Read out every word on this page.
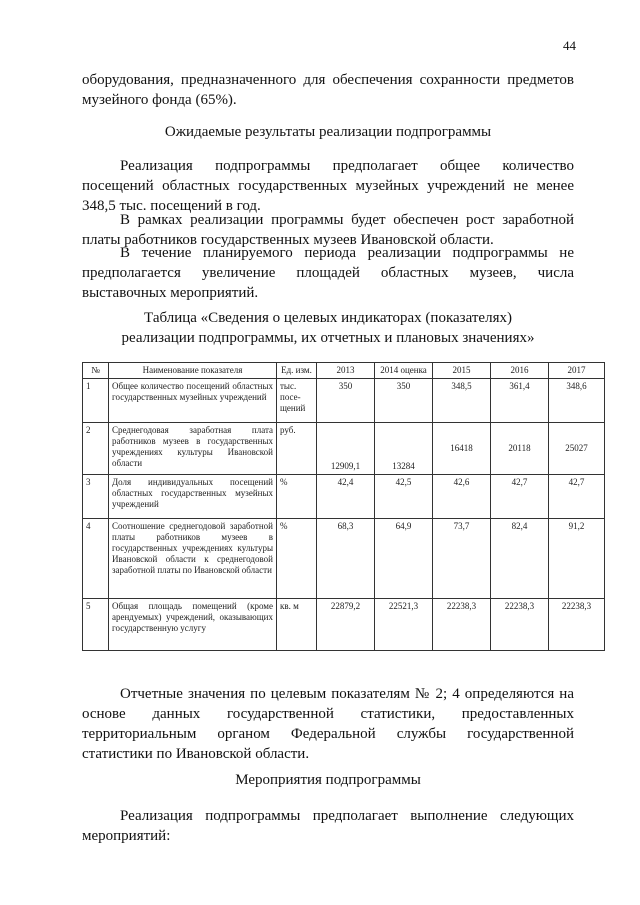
44
оборудования, предназначенного для обеспечения сохранности предметов музейного фонда (65%).
Ожидаемые результаты реализации подпрограммы
Реализация подпрограммы предполагает общее количество посещений областных государственных музейных учреждений не менее 348,5 тыс. посещений в год.
В рамках реализации программы будет обеспечен рост заработной платы работников государственных музеев Ивановской области.
В течение планируемого периода реализации подпрограммы не предполагается увеличение площадей областных музеев, числа выставочных мероприятий.
Таблица «Сведения о целевых индикаторах (показателях)
реализации подпрограммы, их отчетных и плановых значениях»
№	Наименование показателя	Ед. изм.	2013	2014 оценка	2015	2016	2017
1	Общее количество посещений областных государственных музейных учреждений	тыс. посе-щений	350	350	348,5	361,4	348,6
2	Среднегодовая заработная плата работников музеев в государственных учреждениях культуры Ивановской области	руб.	12909,1	13284	16418	20118	25027
3	Доля индивидуальных посещений областных государственных музейных учреждений	%	42,4	42,5	42,6	42,7	42,7
4	Соотношение среднегодовой заработной платы работников музеев в государственных учреждениях культуры Ивановской области к среднегодовой заработной платы по Ивановской области	%	68,3	64,9	73,7	82,4	91,2
5	Общая площадь помещений (кроме арендуемых) учреждений, оказывающих государственную услугу	кв. м	22879,2	22521,3	22238,3	22238,3	22238,3
Отчетные значения по целевым показателям № 2; 4 определяются на основе данных государственной статистики, предоставленных территориальным органом Федеральной службы государственной статистики по Ивановской области.
Мероприятия подпрограммы
Реализация подпрограммы предполагает выполнение следующих мероприятий:
